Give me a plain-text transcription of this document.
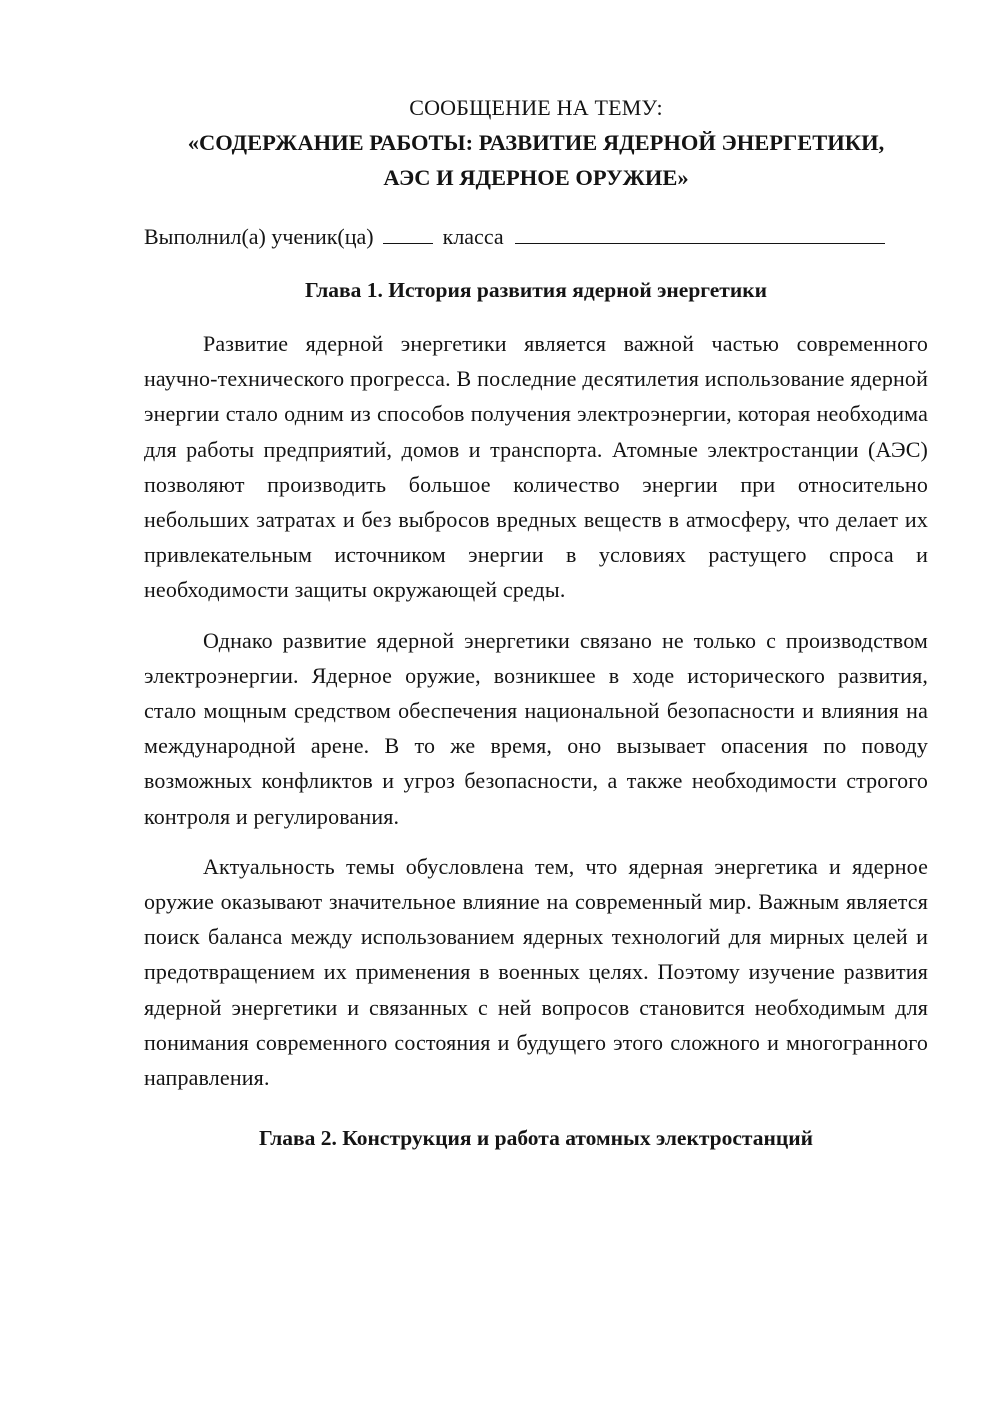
СООБЩЕНИЕ НА ТЕМУ:

«СОДЕРЖАНИЕ РАБОТЫ: РАЗВИТИЕ ЯДЕРНОЙ ЭНЕРГЕТИКИ,

АЭС И ЯДЕРНОЕ ОРУЖИЕ»

Выполнил(а) ученик(ца)	класса

Глава 1. История развития ядерной энергетики

Развитие ядерной энергетики является важной частью современного научно-технического прогресса. В последние десятилетия использование ядерной энергии стало одним из способов получения электроэнергии, которая необходима для работы предприятий, домов и транспорта. Атомные электростанции (АЭС) позволяют производить большое количество энергии при относительно небольших затратах и без выбросов вредных веществ в атмосферу, что делает их привлекательным источником энергии в условиях растущего спроса и необходимости защиты окружающей среды.

Однако развитие ядерной энергетики связано не только с производством электроэнергии. Ядерное оружие, возникшее в ходе исторического развития, стало мощным средством обеспечения национальной безопасности и влияния на международной арене. В то же время, оно вызывает опасения по поводу возможных конфликтов и угроз безопасности, а также необходимости строгого контроля и регулирования.

Актуальность темы обусловлена тем, что ядерная энергетика и ядерное оружие оказывают значительное влияние на современный мир. Важным является поиск баланса между использованием ядерных технологий для мирных целей и предотвращением их применения в военных целях. Поэтому изучение развития ядерной энергетики и связанных с ней вопросов становится необходимым для понимания современного состояния и будущего этого сложного и многогранного направления.

Глава 2. Конструкция и работа атомных электростанций
